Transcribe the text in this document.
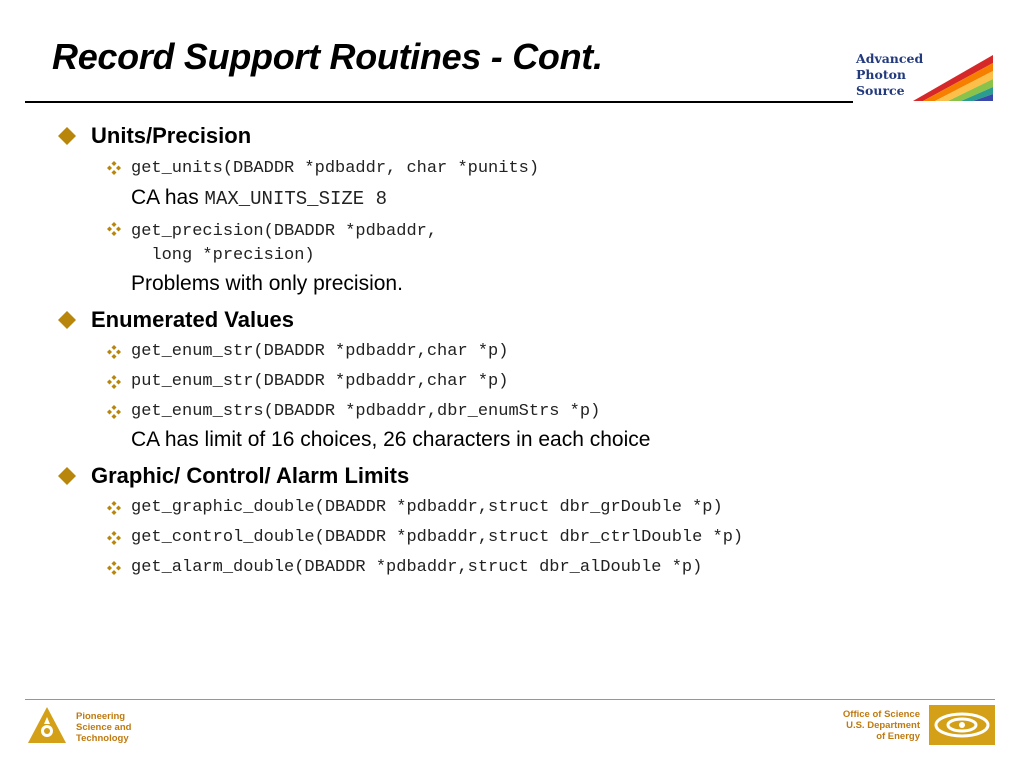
Record Support Routines - Cont.	Advanced
Photon
Source
Units/Precision
get_units(DBADDR *pdbaddr, char *punits)
CA has MAX_UNITS_SIZE 8
get_precision(DBADDR *pdbaddr,
long *precision)
Problems with only precision.
Enumerated Values
get_enum_str(DBADDR *pdbaddr,char *p)
put_enum_str(DBADDR *pdbaddr,char *p)
get_enum_strs(DBADDR *pdbaddr,dbr_enumStrs *p)
CA has limit of 16 choices, 26 characters in each choice
Graphic/ Control/ Alarm Limits
get_graphic_double(DBADDR *pdbaddr,struct dbr_grDouble *p)
get_control_double(DBADDR *pdbaddr,struct dbr_ctrlDouble *p)
get_alarm_double(DBADDR *pdbaddr,struct dbr_alDouble *p)
Pioneering
Science and
Technology
Office of Science
U.S. Department
of Energy
